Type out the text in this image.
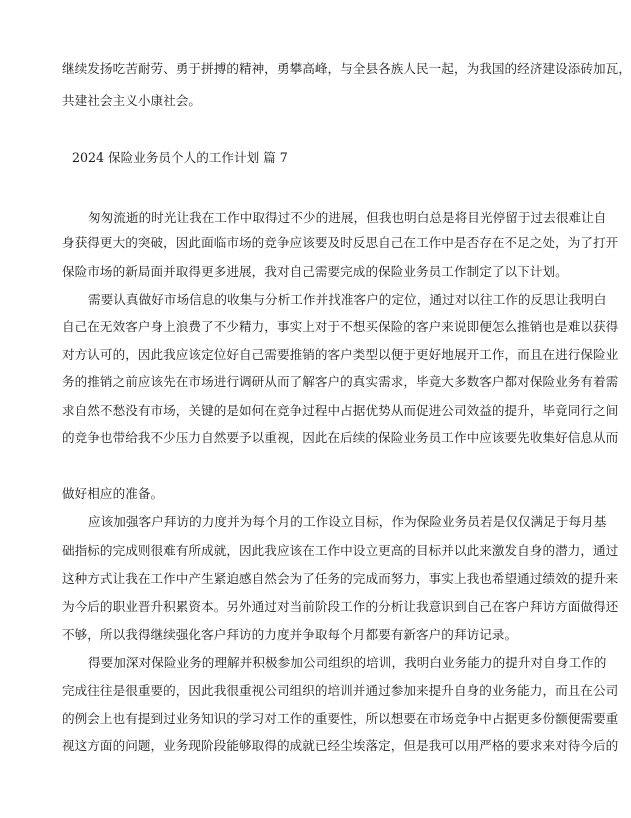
继续发扬吃苦耐劳、勇于拼搏的精神，勇攀高峰，与全县各族人民一起，为我国的经济建设添砖加瓦，
共建社会主义小康社会。
2024 保险业务员个人的工作计划 篇 7
匆匆流逝的时光让我在工作中取得过不少的进展，但我也明白总是将目光停留于过去很难让自
身获得更大的突破，因此面临市场的竞争应该要及时反思自己在工作中是否存在不足之处，为了打开
保险市场的新局面并取得更多进展，我对自己需要完成的保险业务员工作制定了以下计划。
需要认真做好市场信息的收集与分析工作并找准客户的定位，通过对以往工作的反思让我明白
自己在无效客户身上浪费了不少精力，事实上对于不想买保险的客户来说即便怎么推销也是难以获得
对方认可的，因此我应该定位好自己需要推销的客户类型以便于更好地展开工作，而且在进行保险业
务的推销之前应该先在市场进行调研从而了解客户的真实需求，毕竟大多数客户都对保险业务有着需
求自然不愁没有市场，关键的是如何在竞争过程中占据优势从而促进公司效益的提升，毕竟同行之间
的竞争也带给我不少压力自然要予以重视，因此在后续的保险业务员工作中应该要先收集好信息从而
做好相应的准备。
应该加强客户拜访的力度并为每个月的工作设立目标，作为保险业务员若是仅仅满足于每月基
础指标的完成则很难有所成就，因此我应该在工作中设立更高的目标并以此来激发自身的潜力，通过
这种方式让我在工作中产生紧迫感自然会为了任务的完成而努力，事实上我也希望通过绩效的提升来
为今后的职业晋升积累资本。另外通过对当前阶段工作的分析让我意识到自己在客户拜访方面做得还
不够，所以我得继续强化客户拜访的力度并争取每个月都要有新客户的拜访记录。
得要加深对保险业务的理解并积极参加公司组织的培训，我明白业务能力的提升对自身工作的
完成往往是很重要的，因此我很重视公司组织的培训并通过参加来提升自身的业务能力，而且在公司
的例会上也有提到过业务知识的学习对工作的重要性，所以想要在市场竞争中占据更多份额便需要重
视这方面的问题，业务现阶段能够取得的成就已经尘埃落定，但是我可以用严格的要求来对待今后的
